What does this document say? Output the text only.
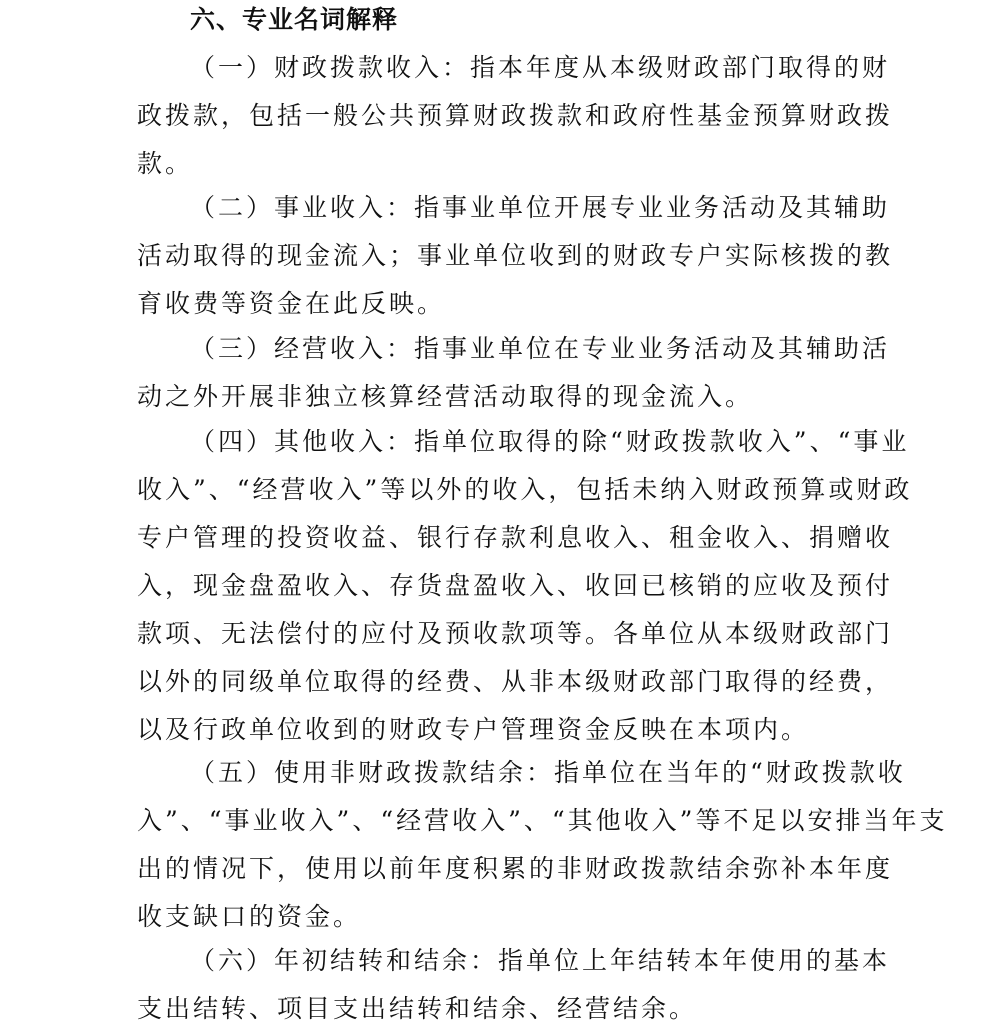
六、专业名词解释
（一）财政拨款收入：指本年度从本级财政部门取得的财
政拨款，包括一般公共预算财政拨款和政府性基金预算财政拨
款。
（二）事业收入：指事业单位开展专业业务活动及其辅助
活动取得的现金流入；事业单位收到的财政专户实际核拨的教
育收费等资金在此反映。
（三）经营收入：指事业单位在专业业务活动及其辅助活
动之外开展非独立核算经营活动取得的现金流入。
（四）其他收入：指单位取得的除“财政拨款收入”、“事业
收入”、“经营收入”等以外的收入，包括未纳入财政预算或财政
专户管理的投资收益、银行存款利息收入、租金收入、捐赠收
入，现金盘盈收入、存货盘盈收入、收回已核销的应收及预付
款项、无法偿付的应付及预收款项等。各单位从本级财政部门
以外的同级单位取得的经费、从非本级财政部门取得的经费，
以及行政单位收到的财政专户管理资金反映在本项内。
（五）使用非财政拨款结余：指单位在当年的“财政拨款收
入”、“事业收入”、“经营收入”、“其他收入”等不足以安排当年支
出的情况下，使用以前年度积累的非财政拨款结余弥补本年度
收支缺口的资金。
（六）年初结转和结余：指单位上年结转本年使用的基本
支出结转、项目支出结转和结余、经营结余。
